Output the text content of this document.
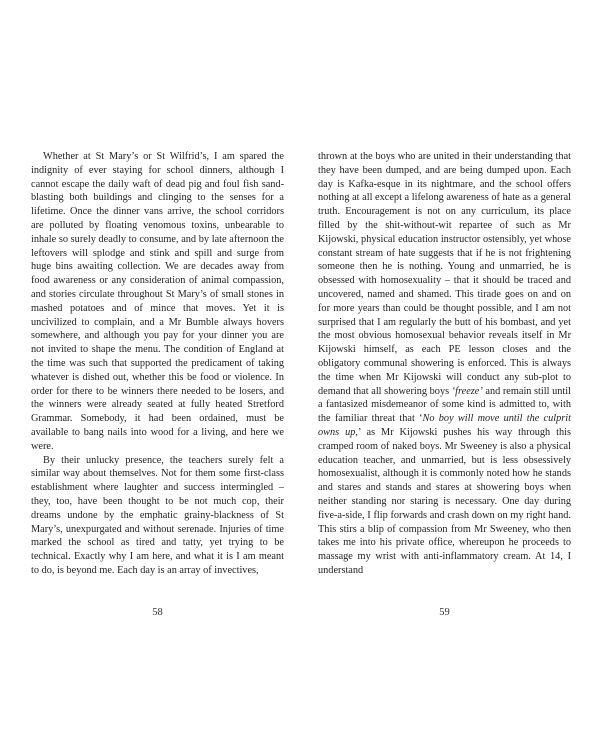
Whether at St Mary’s or St Wilfrid’s, I am spared the indignity of ever staying for school dinners, although I cannot escape the daily waft of dead pig and foul fish sand-blasting both buildings and clinging to the senses for a lifetime. Once the dinner vans arrive, the school corridors are polluted by floating venomous toxins, unbearable to inhale so surely deadly to consume, and by late afternoon the leftovers will splodge and stink and spill and surge from huge bins awaiting collection. We are decades away from food awareness or any consideration of animal compassion, and stories circulate throughout St Mary’s of small stones in mashed potatoes and of mince that moves. Yet it is uncivilized to complain, and a Mr Bumble always hovers somewhere, and although you pay for your dinner you are not invited to shape the menu. The condition of England at the time was such that supported the predicament of taking whatever is dished out, whether this be food or violence. In order for there to be winners there needed to be losers, and the winners were already seated at fully heated Stretford Grammar. Somebody, it had been ordained, must be available to bang nails into wood for a living, and here we were.

By their unlucky presence, the teachers surely felt a similar way about themselves. Not for them some first-class establishment where laughter and success intermingled – they, too, have been thought to be not much cop, their dreams undone by the emphatic grainy-blackness of St Mary’s, unexpurgated and without serenade. Injuries of time marked the school as tired and tatty, yet trying to be technical. Exactly why I am here, and what it is I am meant to do, is beyond me. Each day is an array of invectives,

58

thrown at the boys who are united in their understanding that they have been dumped, and are being dumped upon. Each day is Kafka-esque in its nightmare, and the school offers nothing at all except a lifelong awareness of hate as a general truth. Encouragement is not on any curriculum, its place filled by the shit-without-wit repartee of such as Mr Kijowski, physical education instructor ostensibly, yet whose constant stream of hate suggests that if he is not frightening someone then he is nothing. Young and unmarried, he is obsessed with homosexuality – that it should be traced and uncovered, named and shamed. This tirade goes on and on for more years than could be thought possible, and I am not surprised that I am regularly the butt of his bombast, and yet the most obvious homosexual behavior reveals itself in Mr Kijowski himself, as each PE lesson closes and the obligatory communal showering is enforced. This is always the time when Mr Kijowski will conduct any sub-plot to demand that all showering boys ‘freeze’ and remain still until a fantasized misdemeanor of some kind is admitted to, with the familiar threat that ‘No boy will move until the culprit owns up,’ as Mr Kijowski pushes his way through this cramped room of naked boys. Mr Sweeney is also a physical education teacher, and unmarried, but is less obsessively homosexualist, although it is commonly noted how he stands and stares and stands and stares at showering boys when neither standing nor staring is necessary. One day during five-a-side, I flip forwards and crash down on my right hand. This stirs a blip of compassion from Mr Sweeney, who then takes me into his private office, whereupon he proceeds to massage my wrist with anti-inflammatory cream. At 14, I understand

59
